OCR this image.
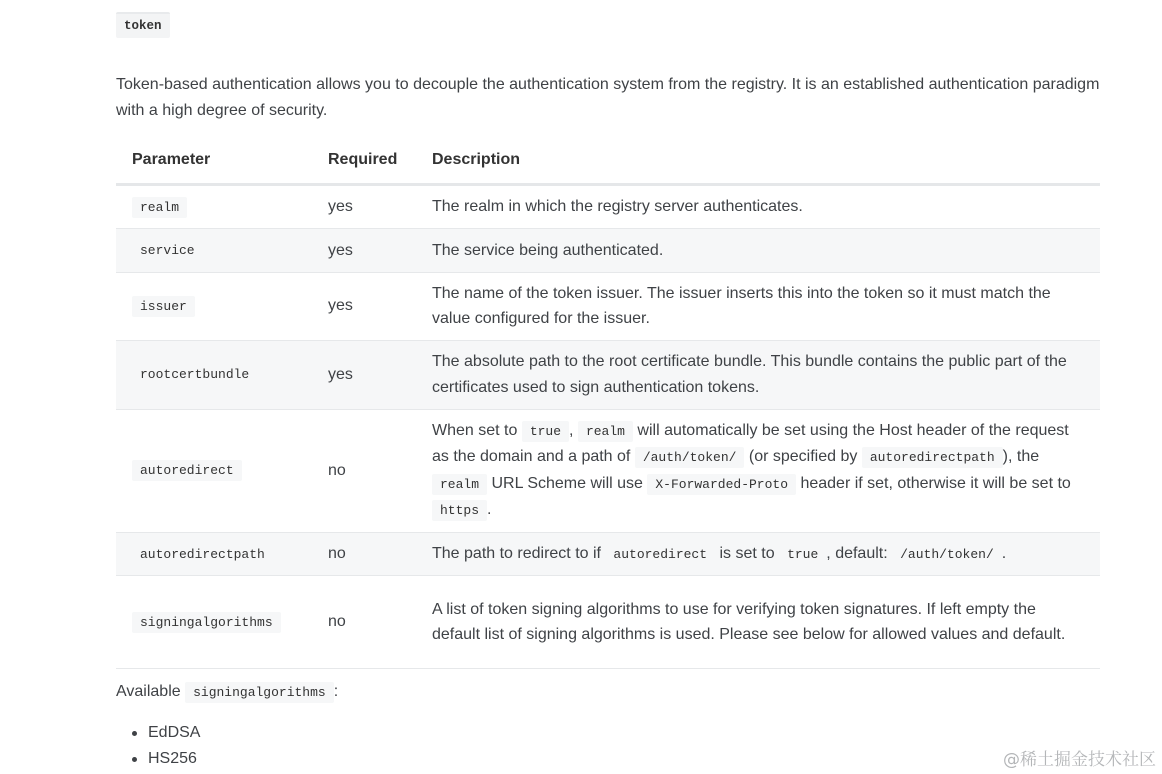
token

Token-based authentication allows you to decouple the authentication system from the registry. It is an established authentication paradigm with a high degree of security.

Parameter	Required	Description
realm	yes	The realm in which the registry server authenticates.
service	yes	The service being authenticated.
issuer	yes	The name of the token issuer. The issuer inserts this into the token so it must match the value configured for the issuer.
rootcertbundle	yes	The absolute path to the root certificate bundle. This bundle contains the public part of the certificates used to sign authentication tokens.
autoredirect	no	When set to true , realm will automatically be set using the Host header of the request as the domain and a path of /auth/token/ (or specified by autoredirectpath ), the realm URL Scheme will use X-Forwarded-Proto header if set, otherwise it will be set to https .
autoredirectpath	no	The path to redirect to if autoredirect is set to true , default: /auth/token/ .
signingalgorithms	no	A list of token signing algorithms to use for verifying token signatures. If left empty the default list of signing algorithms is used. Please see below for allowed values and default.
Available signingalgorithms :
EdDSA
HS256	@稀土掘金技术社区
